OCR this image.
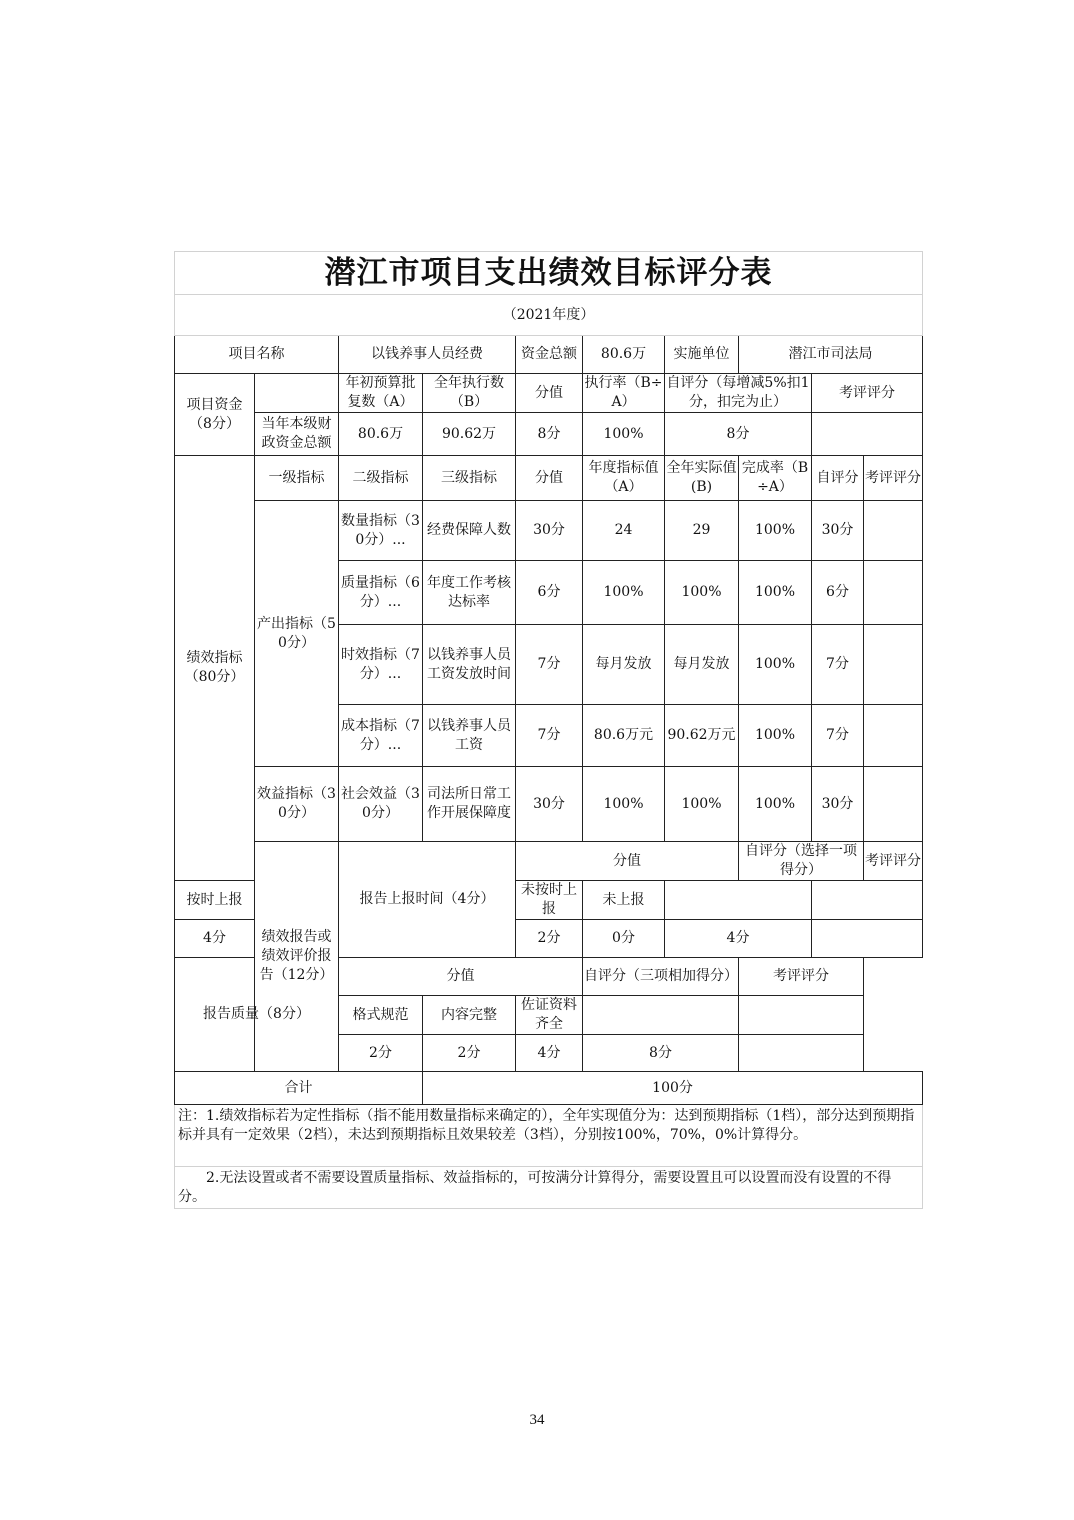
潜江市项目支出绩效目标评分表										
（2021年度）										
项目名称		以钱养事人员经费		资金总额	80.6万	实施单位	潜江市司法局			
项目资金（8分）		年初预算批复数（A）	全年执行数（B）	分值	执行率（B÷A）	自评分（每增减5%扣1分，扣完为止）		考评评分		
	当年本级财政资金总额	80.6万	90.62万	8分	100%	8分				
绩效指标（80分）	一级指标	二级指标	三级指标	分值	年度指标值（A）	全年实际值(B)	完成率（B÷A）	自评分	考评评分	
	产出指标（50分）	数量指标（30分）...	经费保障人数	30分	24	29	100%	30分		
		质量指标（6分）...	年度工作考核达标率	6分	100%	100%	100%	6分		
		时效指标（7分）...	以钱养事人员工资发放时间	7分	每月发放	每月发放	100%	7分		
		成本指标（7分）...	以钱养事人员工资	7分	80.6万元	90.62万元	100%	7分		
	效益指标（30分）	社会效益（30分）	司法所日常工作开展保障度	30分	100%	100%	100%	30分		
	绩效报告或绩效评价报告（12分）	报告上报时间（4分）		分值			自评分（选择一项得分）		考评评分	
按时上报				未按时上报	未上报					
4分				2分	0分	4分				
报告质量（8分）		分值			自评分（三项相加得分）		考评评分			
		格式规范	内容完整	佐证资料齐全						
		2分	2分	4分	8分					
合计			100分							
注：1.绩效指标若为定性指标（指不能用数量指标来确定的），全年实现值分为：达到预期指标（1档），部分达到预期指标并具有一定效果（2档），未达到预期指标且效果较差（3档），分别按100%，70%，0%计算得分。										
2.无法设置或者不需要设置质量指标、效益指标的，可按满分计算得分，需要设置且可以设置而没有设置的不得分。										
34
